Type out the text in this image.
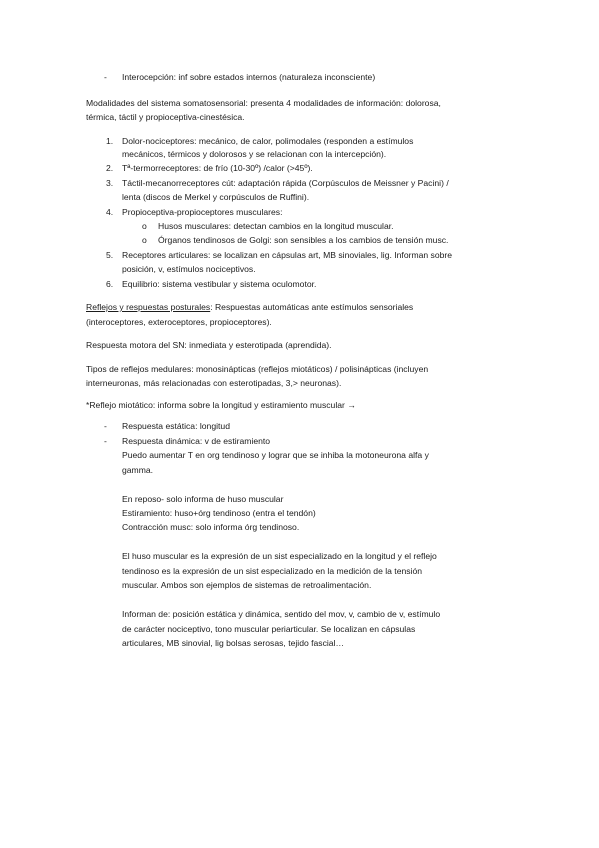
- Interocepción: inf sobre estados internos (naturaleza inconsciente)
Modalidades del sistema somatosensorial: presenta 4 modalidades de información: dolorosa,
térmica, táctil y propioceptiva-cinestésica.
1. Dolor-nociceptores: mecánico, de calor, polimodales (responden a estímulos
mecánicos, térmicos y dolorosos y se relacionan con la intercepción).
2. Tª-termorreceptores: de frío (10-30º) /calor (>45º).
3. Táctil-mecanorreceptores cút: adaptación rápida (Corpúsculos de Meissner y Pacini) /
lenta (discos de Merkel y corpúsculos de Ruffini).
4. Propioceptiva-propioceptores musculares:
o Husos musculares: detectan cambios en la longitud muscular.
o Órganos tendinosos de Golgi: son sensibles a los cambios de tensión musc.
5. Receptores articulares: se localizan en cápsulas art, MB sinoviales, lig. Informan sobre
posición, v, estímulos nociceptivos.
6. Equilibrio: sistema vestibular y sistema oculomotor.
Reflejos y respuestas posturales: Respuestas automáticas ante estímulos sensoriales
(interoceptores, exteroceptores, propioceptores).
Respuesta motora del SN: inmediata y esterotipada (aprendida).
Tipos de reflejos medulares: monosinápticas (reflejos miotáticos) / polisinápticas (incluyen
interneuronas, más relacionadas con esterotipadas, 3,> neuronas).
*Reflejo miotático: informa sobre la longitud y estiramiento muscular →
- Respuesta estática: longitud
- Respuesta dinámica: v de estiramiento
Puedo aumentar T en org tendinoso y lograr que se inhiba la motoneurona alfa y
gamma.
En reposo- solo informa de huso muscular
Estiramiento: huso+órg tendinoso (entra el tendón)
Contracción musc: solo informa órg tendinoso.
El huso muscular es la expresión de un sist especializado en la longitud y el reflejo
tendinoso es la expresión de un sist especializado en la medición de la tensión
muscular. Ambos son ejemplos de sistemas de retroalimentación.
Informan de: posición estática y dinámica, sentido del mov, v, cambio de v, estímulo
de carácter nociceptivo, tono muscular periarticular. Se localizan en cápsulas
articulares, MB sinovial, lig bolsas serosas, tejido fascial…
